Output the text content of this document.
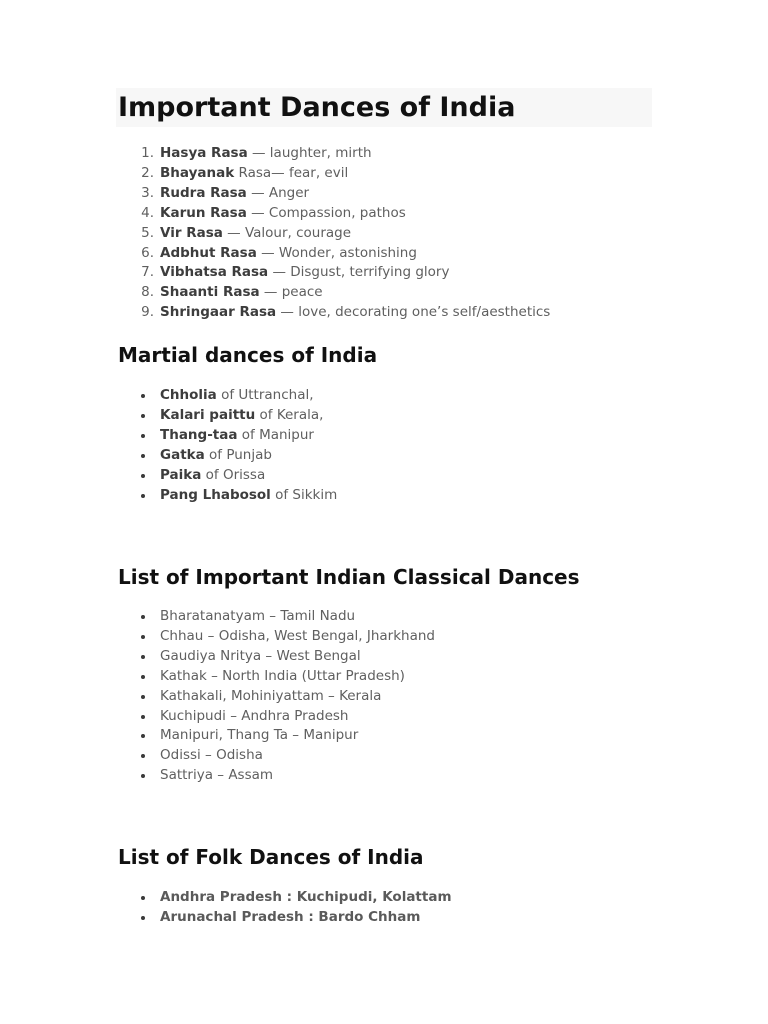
Important Dances of India
1. Hasya Rasa — laughter, mirth
2. Bhayanak Rasa— fear, evil
3. Rudra Rasa — Anger
4. Karun Rasa — Compassion, pathos
5. Vir Rasa — Valour, courage
6. Adbhut Rasa — Wonder, astonishing
7. Vibhatsa Rasa — Disgust, terrifying glory
8. Shaanti Rasa — peace
9. Shringaar Rasa — love, decorating one’s self/aesthetics
Martial dances of India
Chholia of Uttranchal,
Kalari paittu of Kerala,
Thang-taa of Manipur
Gatka of Punjab
Paika of Orissa
Pang Lhabosol of Sikkim
List of Important Indian Classical Dances
Bharatanatyam – Tamil Nadu
Chhau – Odisha, West Bengal, Jharkhand
Gaudiya Nritya – West Bengal
Kathak – North India (Uttar Pradesh)
Kathakali, Mohiniyattam – Kerala
Kuchipudi – Andhra Pradesh
Manipuri, Thang Ta – Manipur
Odissi – Odisha
Sattriya – Assam
List of Folk Dances of India
Andhra Pradesh : Kuchipudi, Kolattam
Arunachal Pradesh : Bardo Chham
